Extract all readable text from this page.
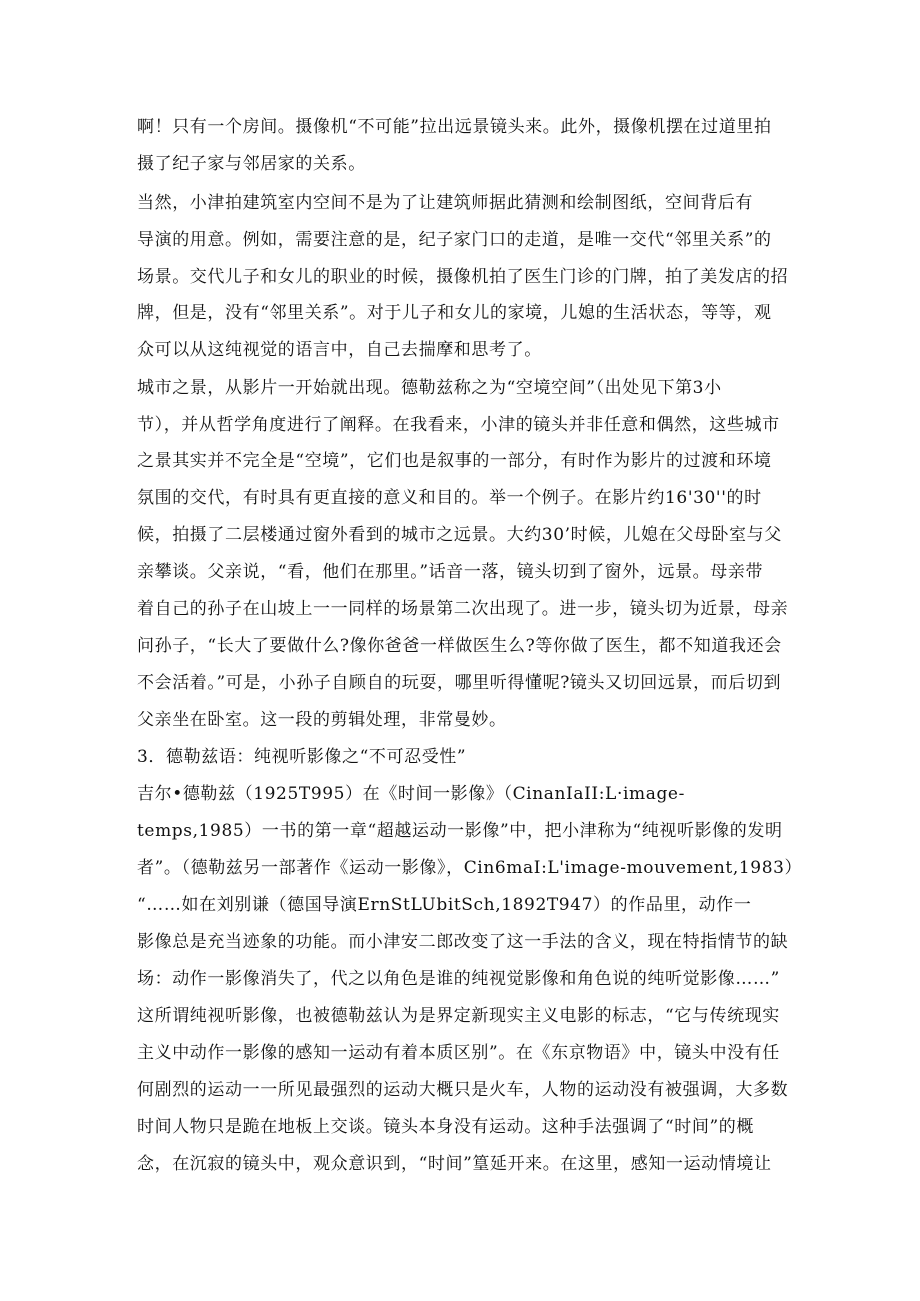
啊！只有一个房间。摄像机“不可能”拉出远景镜头来。此外，摄像机摆在过道里拍
摄了纪子家与邻居家的关系。
当然，小津拍建筑室内空间不是为了让建筑师据此猜测和绘制图纸，空间背后有
导演的用意。例如，需要注意的是，纪子家门口的走道，是唯一交代“邻里关系”的
场景。交代儿子和女儿的职业的时候，摄像机拍了医生门诊的门牌，拍了美发店的招
牌，但是，没有“邻里关系”。对于儿子和女儿的家境，儿媳的生活状态，等等，观
众可以从这纯视觉的语言中，自己去揣摩和思考了。
城市之景，从影片一开始就出现。德勒兹称之为“空境空间”（出处见下第3小
节），并从哲学角度进行了阐释。在我看来，小津的镜头并非任意和偶然，这些城市
之景其实并不完全是“空境”，它们也是叙事的一部分，有时作为影片的过渡和环境
氛围的交代，有时具有更直接的意义和目的。举一个例子。在影片约16'30''的时
候，拍摄了二层楼通过窗外看到的城市之远景。大约30’时候，儿媳在父母卧室与父
亲攀谈。父亲说，“看，他们在那里。”话音一落，镜头切到了窗外，远景。母亲带
着自己的孙子在山坡上一一同样的场景第二次出现了。进一步，镜头切为近景，母亲
问孙子，“长大了要做什么?像你爸爸一样做医生么?等你做了医生，都不知道我还会
不会活着。”可是，小孙子自顾自的玩耍，哪里听得懂呢?镜头又切回远景，而后切到
父亲坐在卧室。这一段的剪辑处理，非常曼妙。
3．德勒兹语：纯视听影像之“不可忍受性”
吉尔•德勒兹（1925T995）在《时间一影像》（CinanIaII:L·image-
temps,1985）一书的第一章“超越运动一影像”中，把小津称为“纯视听影像的发明
者”。（德勒兹另一部著作《运动一影像》，Cin6maI:L'image-mouvement,1983）
“……如在刘别谦（德国导演ErnStLUbitSch,1892T947）的作品里，动作一
影像总是充当迹象的功能。而小津安二郎改变了这一手法的含义，现在特指情节的缺
场：动作一影像消失了，代之以角色是谁的纯视觉影像和角色说的纯听觉影像……”
这所谓纯视听影像，也被德勒兹认为是界定新现实主义电影的标志，“它与传统现实
主义中动作一影像的感知一运动有着本质区别”。在《东京物语》中，镜头中没有任
何剧烈的运动一一所见最强烈的运动大概只是火车，人物的运动没有被强调，大多数
时间人物只是跪在地板上交谈。镜头本身没有运动。这种手法强调了“时间”的概
念，在沉寂的镜头中，观众意识到，“时间”篁延开来。在这里，感知一运动情境让
